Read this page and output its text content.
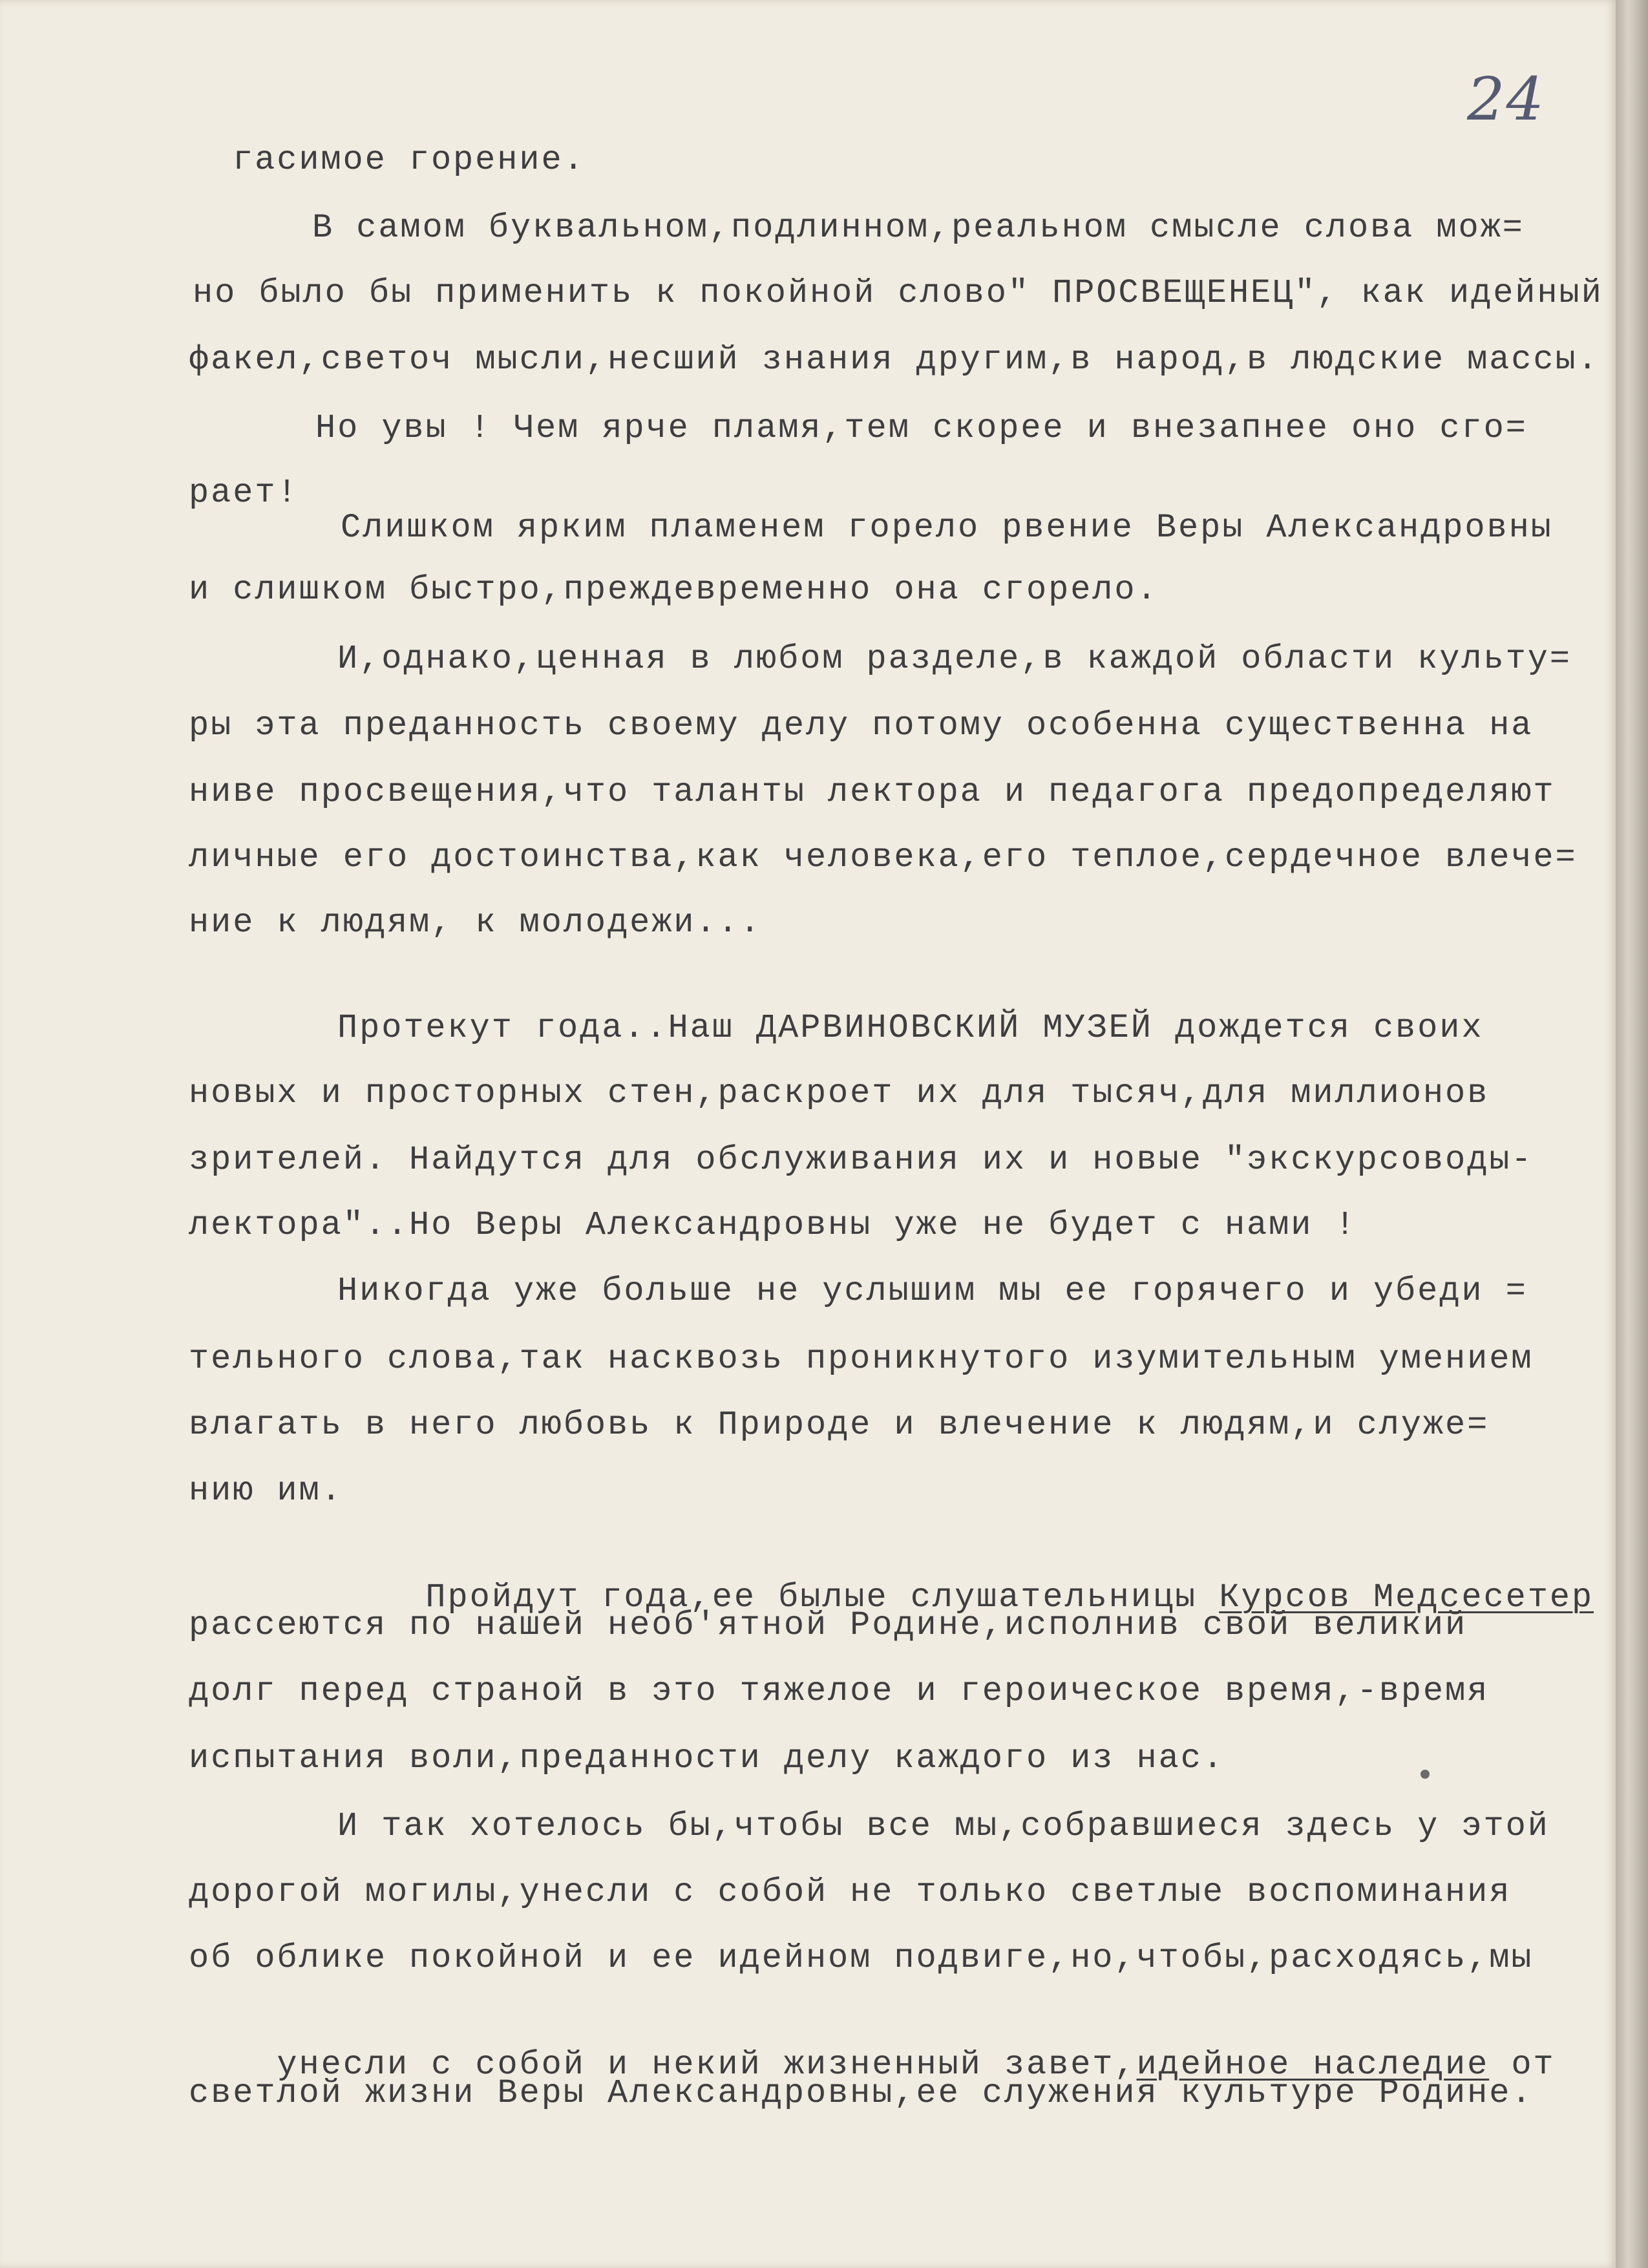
24
гасимое горение.
В самом буквальном,подлинном,реальном смысле слова мож=
но было бы применить к покойной слово" ПРОСВЕЩЕНЕЦ", как идейный
факел,светоч мысли,несший знания другим,в народ,в людские массы.
Но увы ! Чем ярче пламя,тем скорее и внезапнее оно сго=
рает!
Слишком ярким пламенем горело рвение Веры Александровны
и слишком быстро,преждевременно она сгорело.
И,однако,ценная в любом разделе,в каждой области культу=
ры эта преданность своему делу потому особенна существенна на
ниве просвещения,что таланты лектора и педагога предопределяют
личные его достоинства,как человека,его теплое,сердечное влече=
ние к людям, к молодежи...
Протекут года..Наш ДАРВИНОВСКИЙ МУЗЕЙ дождется своих
новых и просторных стен,раскроет их для тысяч,для миллионов
зрителей. Найдутся для обслуживания их и новые "экскурсоводы-
лектора"..Но Веры Александровны уже не будет с нами !
Никогда уже больше не услышим мы ее горячего и убеди =
тельного слова,так насквозь проникнутого изумительным умением
влагать в него любовь к Природе и влечение к людям,и служе=
нию им.

Пройдут года,ее былые слушательницы Курсов Медсесетер

рассеются по нашей необ'ятной Родине,исполнив свой великий
долг перед страной в это тяжелое и героическое время,-время
испытания воли,преданности делу каждого из нас.
И так хотелось бы,чтобы все мы,собравшиеся здесь у этой
дорогой могилы,унесли с собой не только светлые воспоминания
об облике покойной и ее идейном подвиге,но,чтобы,расходясь,мы

унесли с собой и некий жизненный завет,идейное наследие от

светлой жизни Веры Александровны,ее служения культуре Родине.
